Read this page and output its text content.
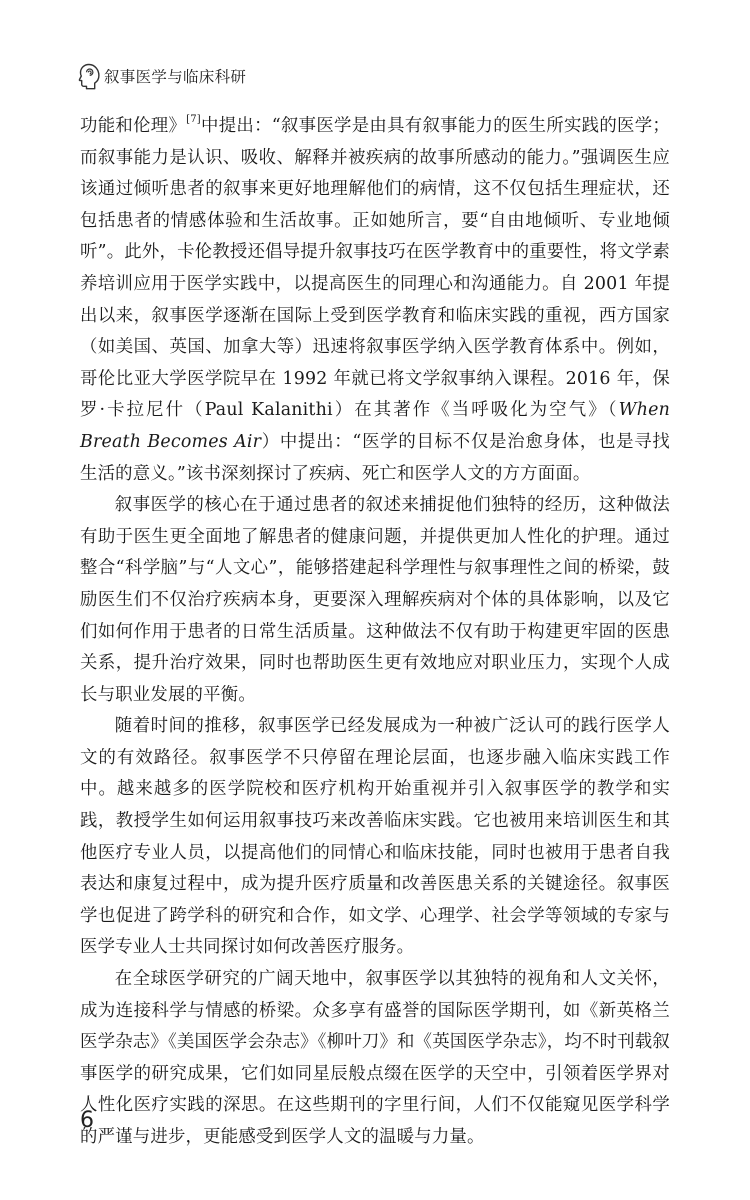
叙事医学与临床科研

功能和伦理》[7]中提出：“叙事医学是由具有叙事能力的医生所实践的医学；而叙事能力是认识、吸收、解释并被疾病的故事所感动的能力。”强调医生应该通过倾听患者的叙事来更好地理解他们的病情，这不仅包括生理症状，还包括患者的情感体验和生活故事。正如她所言，要“自由地倾听、专业地倾听”。此外，卡伦教授还倡导提升叙事技巧在医学教育中的重要性，将文学素养培训应用于医学实践中，以提高医生的同理心和沟通能力。自 2001 年提出以来，叙事医学逐渐在国际上受到医学教育和临床实践的重视，西方国家（如美国、英国、加拿大等）迅速将叙事医学纳入医学教育体系中。例如，哥伦比亚大学医学院早在 1992 年就已将文学叙事纳入课程。2016 年，保罗·卡拉尼什（Paul Kalanithi）在其著作《当呼吸化为空气》（When Breath Becomes Air）中提出：“医学的目标不仅是治愈身体，也是寻找生活的意义。”该书深刻探讨了疾病、死亡和医学人文的方方面面。

叙事医学的核心在于通过患者的叙述来捕捉他们独特的经历，这种做法有助于医生更全面地了解患者的健康问题，并提供更加人性化的护理。通过整合“科学脑”与“人文心”，能够搭建起科学理性与叙事理性之间的桥梁，鼓励医生们不仅治疗疾病本身，更要深入理解疾病对个体的具体影响，以及它们如何作用于患者的日常生活质量。这种做法不仅有助于构建更牢固的医患关系，提升治疗效果，同时也帮助医生更有效地应对职业压力，实现个人成长与职业发展的平衡。

随着时间的推移，叙事医学已经发展成为一种被广泛认可的践行医学人文的有效路径。叙事医学不只停留在理论层面，也逐步融入临床实践工作中。越来越多的医学院校和医疗机构开始重视并引入叙事医学的教学和实践，教授学生如何运用叙事技巧来改善临床实践。它也被用来培训医生和其他医疗专业人员，以提高他们的同情心和临床技能，同时也被用于患者自我表达和康复过程中，成为提升医疗质量和改善医患关系的关键途径。叙事医学也促进了跨学科的研究和合作，如文学、心理学、社会学等领域的专家与医学专业人士共同探讨如何改善医疗服务。

在全球医学研究的广阔天地中，叙事医学以其独特的视角和人文关怀，成为连接科学与情感的桥梁。众多享有盛誉的国际医学期刊，如《新英格兰医学杂志》《美国医学会杂志》《柳叶刀》和《英国医学杂志》，均不时刊载叙事医学的研究成果，它们如同星辰般点缀在医学的天空中，引领着医学界对人性化医疗实践的深思。在这些期刊的字里行间，人们不仅能窥见医学科学的严谨与进步，更能感受到医学人文的温暖与力量。

6
